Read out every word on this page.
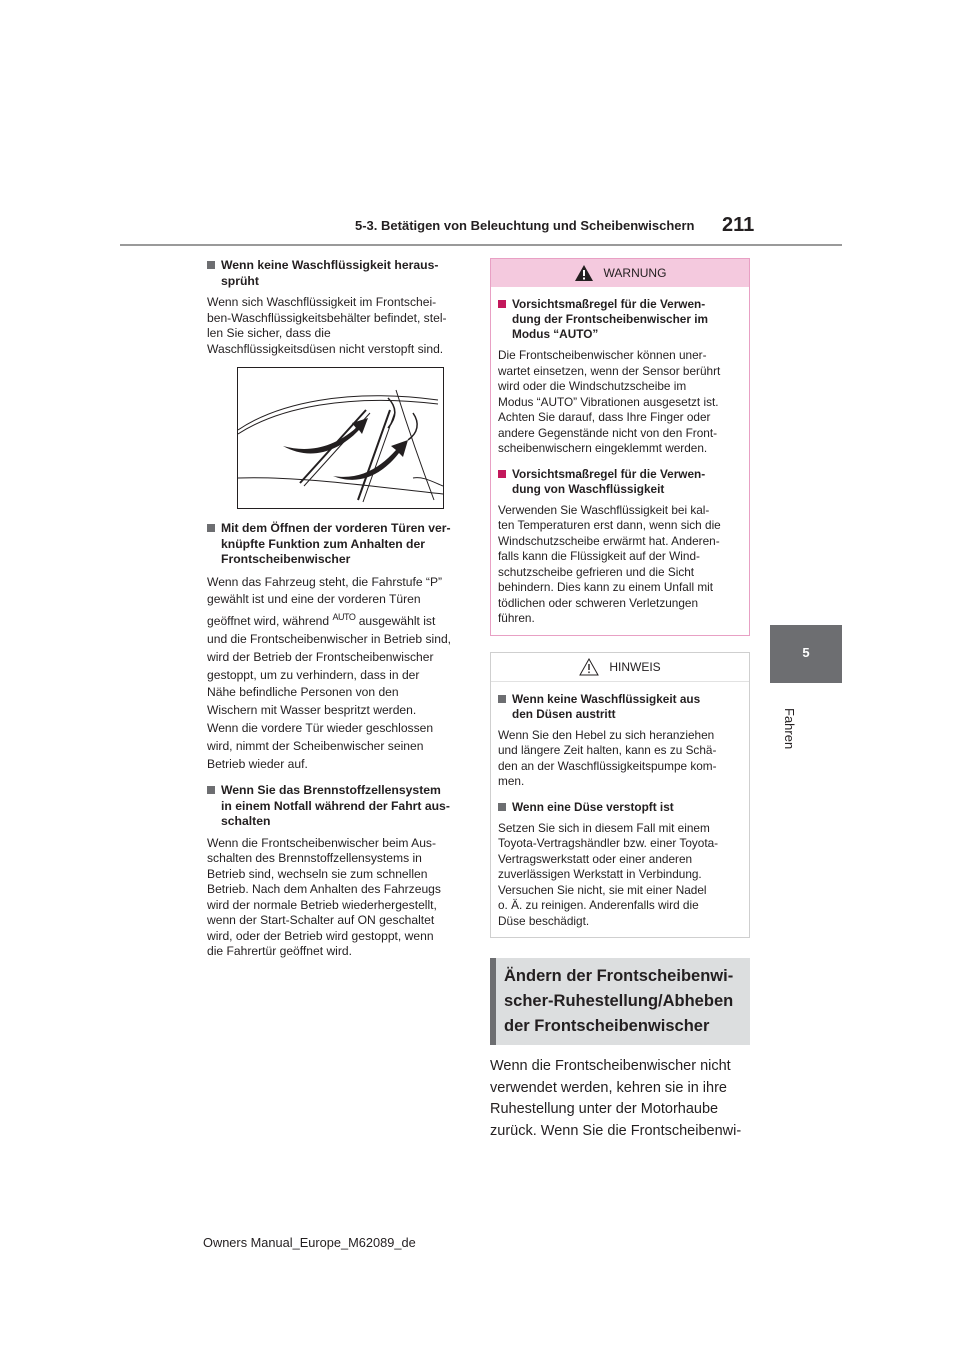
5-3. Betätigen von Beleuchtung und Scheibenwischern 211
5
Fahren
Wenn keine Waschflüssigkeit heraus-
sprüht
Wenn sich Waschflüssigkeit im Frontschei-
ben-Waschflüssigkeitsbehälter befindet, stel-
len Sie sicher, dass die
Waschflüssigkeitsdüsen nicht verstopft sind.
Mit dem Öffnen der vorderen Türen ver-
knüpfte Funktion zum Anhalten der
Frontscheibenwischer
Wenn das Fahrzeug steht, die Fahrstufe “P”
gewählt ist und eine der vorderen Türen
geöffnet wird, während $^{AUTO}$ ausgewählt ist
und die Frontscheibenwischer in Betrieb sind,
wird der Betrieb der Frontscheibenwischer
gestoppt, um zu verhindern, dass in der
Nähe befindliche Personen von den
Wischern mit Wasser bespritzt werden.
Wenn die vordere Tür wieder geschlossen
wird, nimmt der Scheibenwischer seinen
Betrieb wieder auf.
Wenn Sie das Brennstoffzellensystem
in einem Notfall während der Fahrt aus-
schalten
Wenn die Frontscheibenwischer beim Aus-
schalten des Brennstoffzellensystems in
Betrieb sind, wechseln sie zum schnellen
Betrieb. Nach dem Anhalten des Fahrzeugs
wird der normale Betrieb wiederhergestellt,
wenn der Start-Schalter auf ON geschaltet
wird, oder der Betrieb wird gestoppt, wenn
die Fahrertür geöffnet wird.
WARNUNG
Vorsichtsmaßregel für die Verwen-
dung der Frontscheibenwischer im
Modus “AUTO”
Die Frontscheibenwischer können uner-
wartet einsetzen, wenn der Sensor berührt
wird oder die Windschutzscheibe im
Modus “AUTO” Vibrationen ausgesetzt ist.
Achten Sie darauf, dass Ihre Finger oder
andere Gegenstände nicht von den Front-
scheibenwischern eingeklemmt werden.
Vorsichtsmaßregel für die Verwen-
dung von Waschflüssigkeit
Verwenden Sie Waschflüssigkeit bei kal-
ten Temperaturen erst dann, wenn sich die
Windschutzscheibe erwärmt hat. Anderen-
falls kann die Flüssigkeit auf der Wind-
schutzscheibe gefrieren und die Sicht
behindern. Dies kann zu einem Unfall mit
tödlichen oder schweren Verletzungen
führen.
HINWEIS
Wenn keine Waschflüssigkeit aus
den Düsen austritt
Wenn Sie den Hebel zu sich heranziehen
und längere Zeit halten, kann es zu Schä-
den an der Waschflüssigkeitspumpe kom-
men.
Wenn eine Düse verstopft ist
Setzen Sie sich in diesem Fall mit einem
Toyota-Vertragshändler bzw. einer Toyota-
Vertragswerkstatt oder einer anderen
zuverlässigen Werkstatt in Verbindung.
Versuchen Sie nicht, sie mit einer Nadel
o. Ä. zu reinigen. Anderenfalls wird die
Düse beschädigt.
Ändern der Frontscheibenwi-
scher-Ruhestellung/Abheben
der Frontscheibenwischer
Wenn die Frontscheibenwischer nicht
verwendet werden, kehren sie in ihre
Ruhestellung unter der Motorhaube
zurück. Wenn Sie die Frontscheibenwi-
Owners Manual_Europe_M62089_de
